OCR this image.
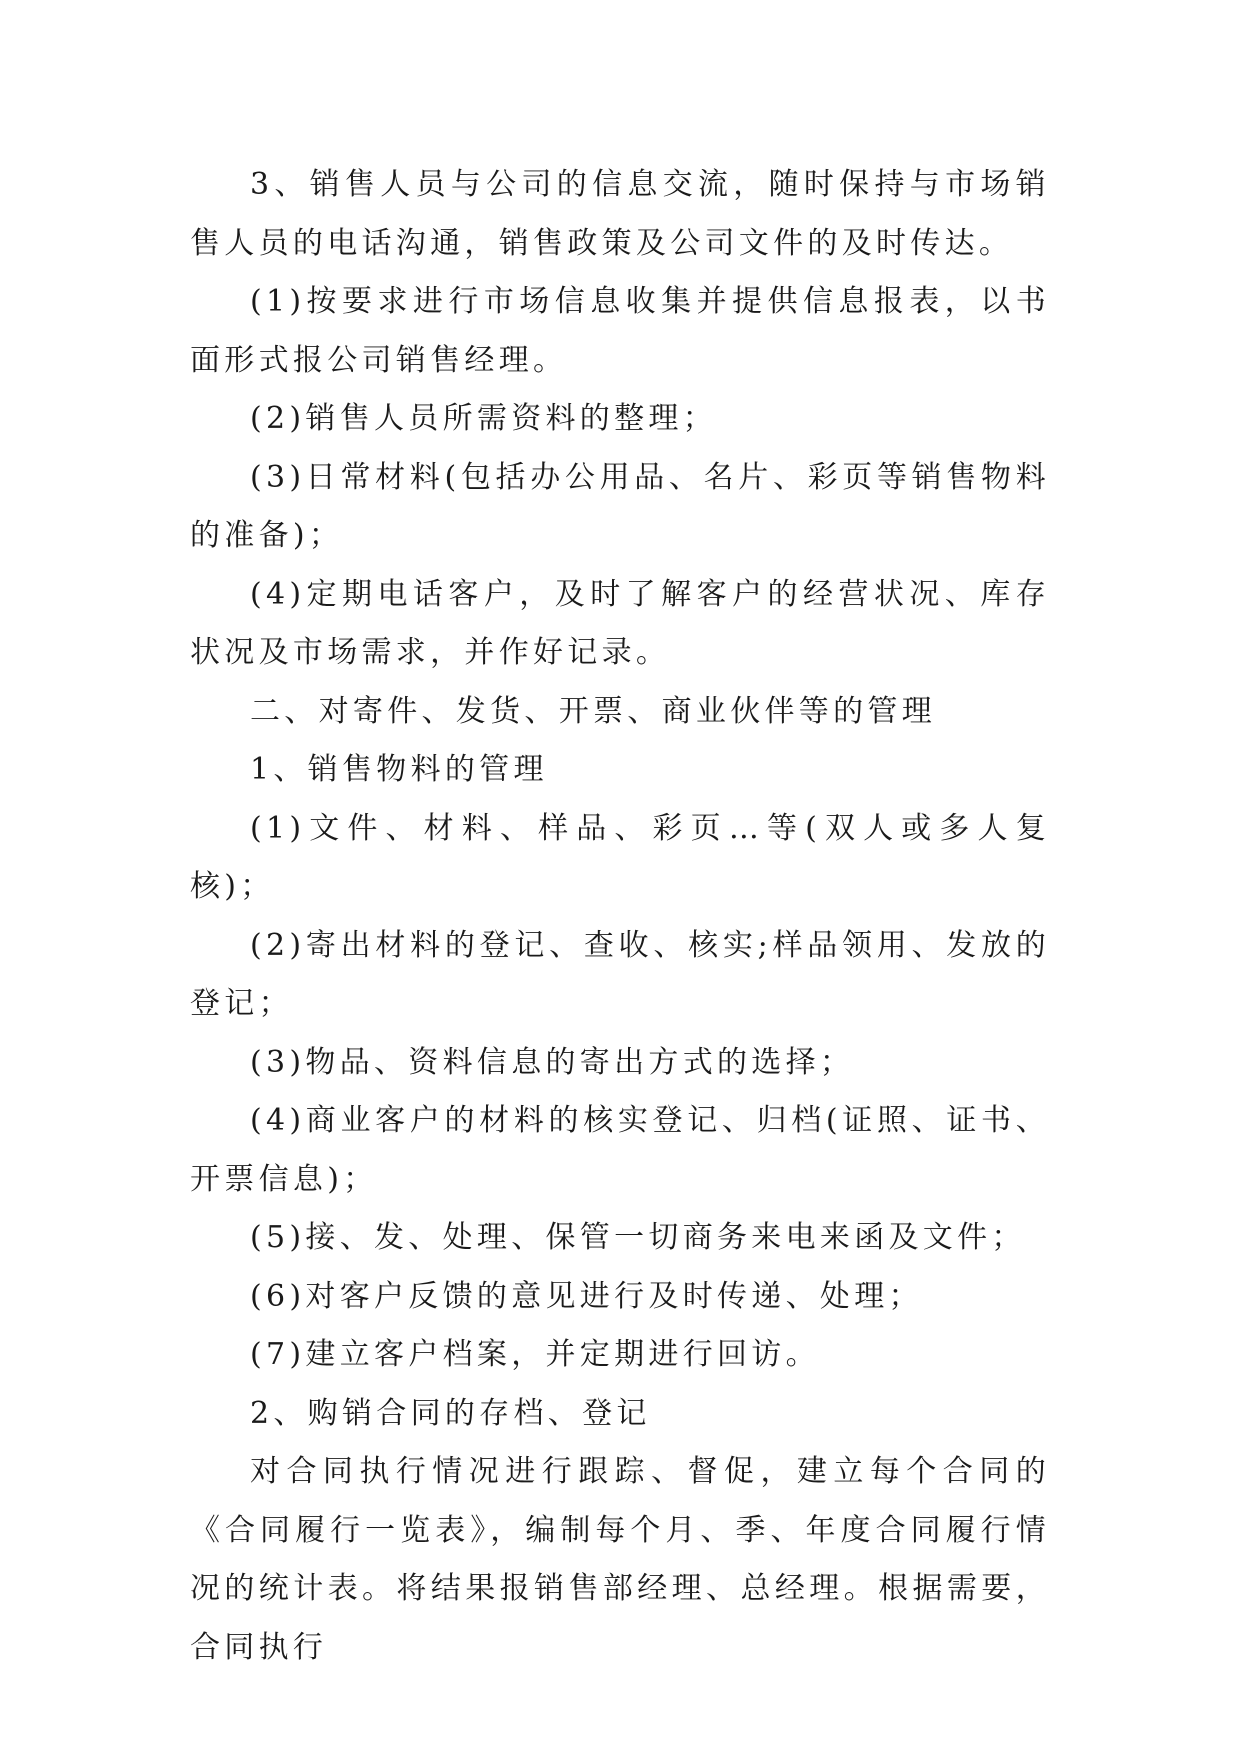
3、销售人员与公司的信息交流，随时保持与市场销售人员的电话沟通，销售政策及公司文件的及时传达。

(1)按要求进行市场信息收集并提供信息报表，以书面形式报公司销售经理。

(2)销售人员所需资料的整理；

(3)日常材料(包括办公用品、名片、彩页等销售物料的准备)；

(4)定期电话客户，及时了解客户的经营状况、库存状况及市场需求，并作好记录。

二、对寄件、发货、开票、商业伙伴等的管理

1、销售物料的管理

(1)文件、材料、样品、彩页…等(双人或多人复核)；

(2)寄出材料的登记、查收、核实;样品领用、发放的登记；

(3)物品、资料信息的寄出方式的选择；

(4)商业客户的材料的核实登记、归档(证照、证书、开票信息)；

(5)接、发、处理、保管一切商务来电来函及文件；

(6)对客户反馈的意见进行及时传递、处理；

(7)建立客户档案，并定期进行回访。

2、购销合同的存档、登记

对合同执行情况进行跟踪、督促，建立每个合同的《合同履行一览表》，编制每个月、季、年度合同履行情况的统计表。将结果报销售部经理、总经理。根据需要，合同执行
